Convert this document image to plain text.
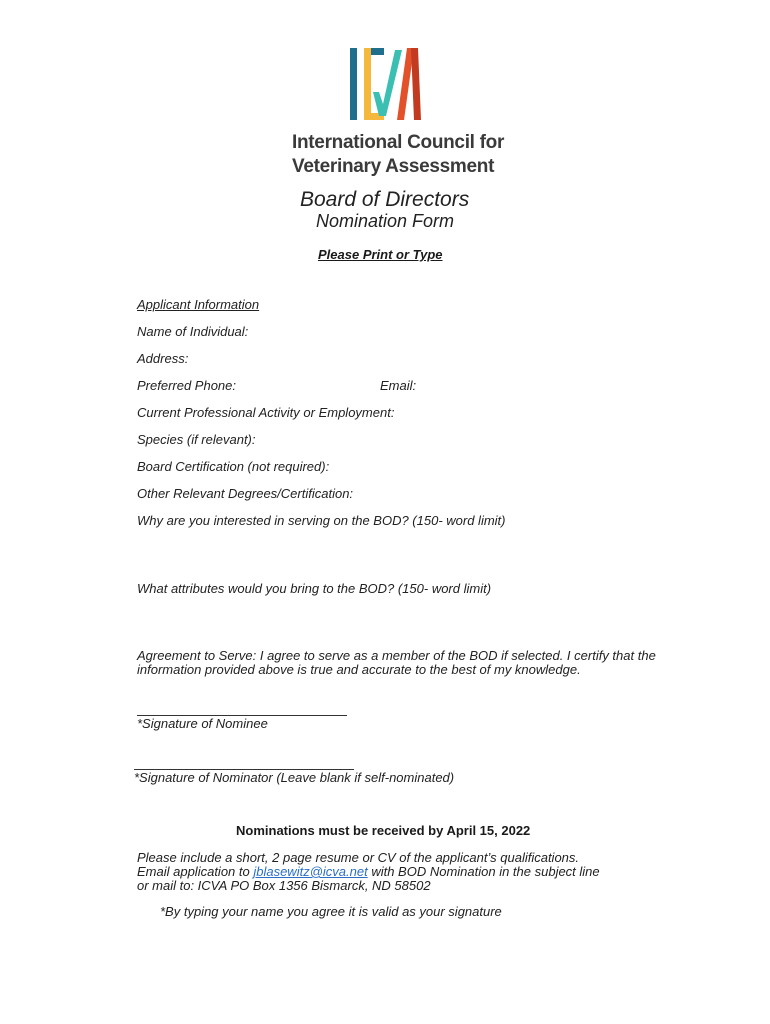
International Council for
Veterinary Assessment
Board of Directors
Nomination Form
Please Print or Type
Applicant Information
Name of Individual:
Address:
Preferred Phone:	Email:
Current Professional Activity or Employment:
Species (if relevant):
Board Certification (not required):
Other Relevant Degrees/Certification:
Why are you interested in serving on the BOD? (150- word limit)
What attributes would you bring to the BOD? (150- word limit)
Agreement to Serve: I agree to serve as a member of the BOD if selected. I certify that the
information provided above is true and accurate to the best of my knowledge.
*Signature of Nominee
*Signature of Nominator (Leave blank if self-nominated)
Nominations must be received by April 15, 2022
Please include a short, 2 page resume or CV of the applicant’s qualifications.
Email application to jblasewitz@icva.net with BOD Nomination in the subject line
or mail to: ICVA PO Box 1356 Bismarck, ND 58502
*By typing your name you agree it is valid as your signature
